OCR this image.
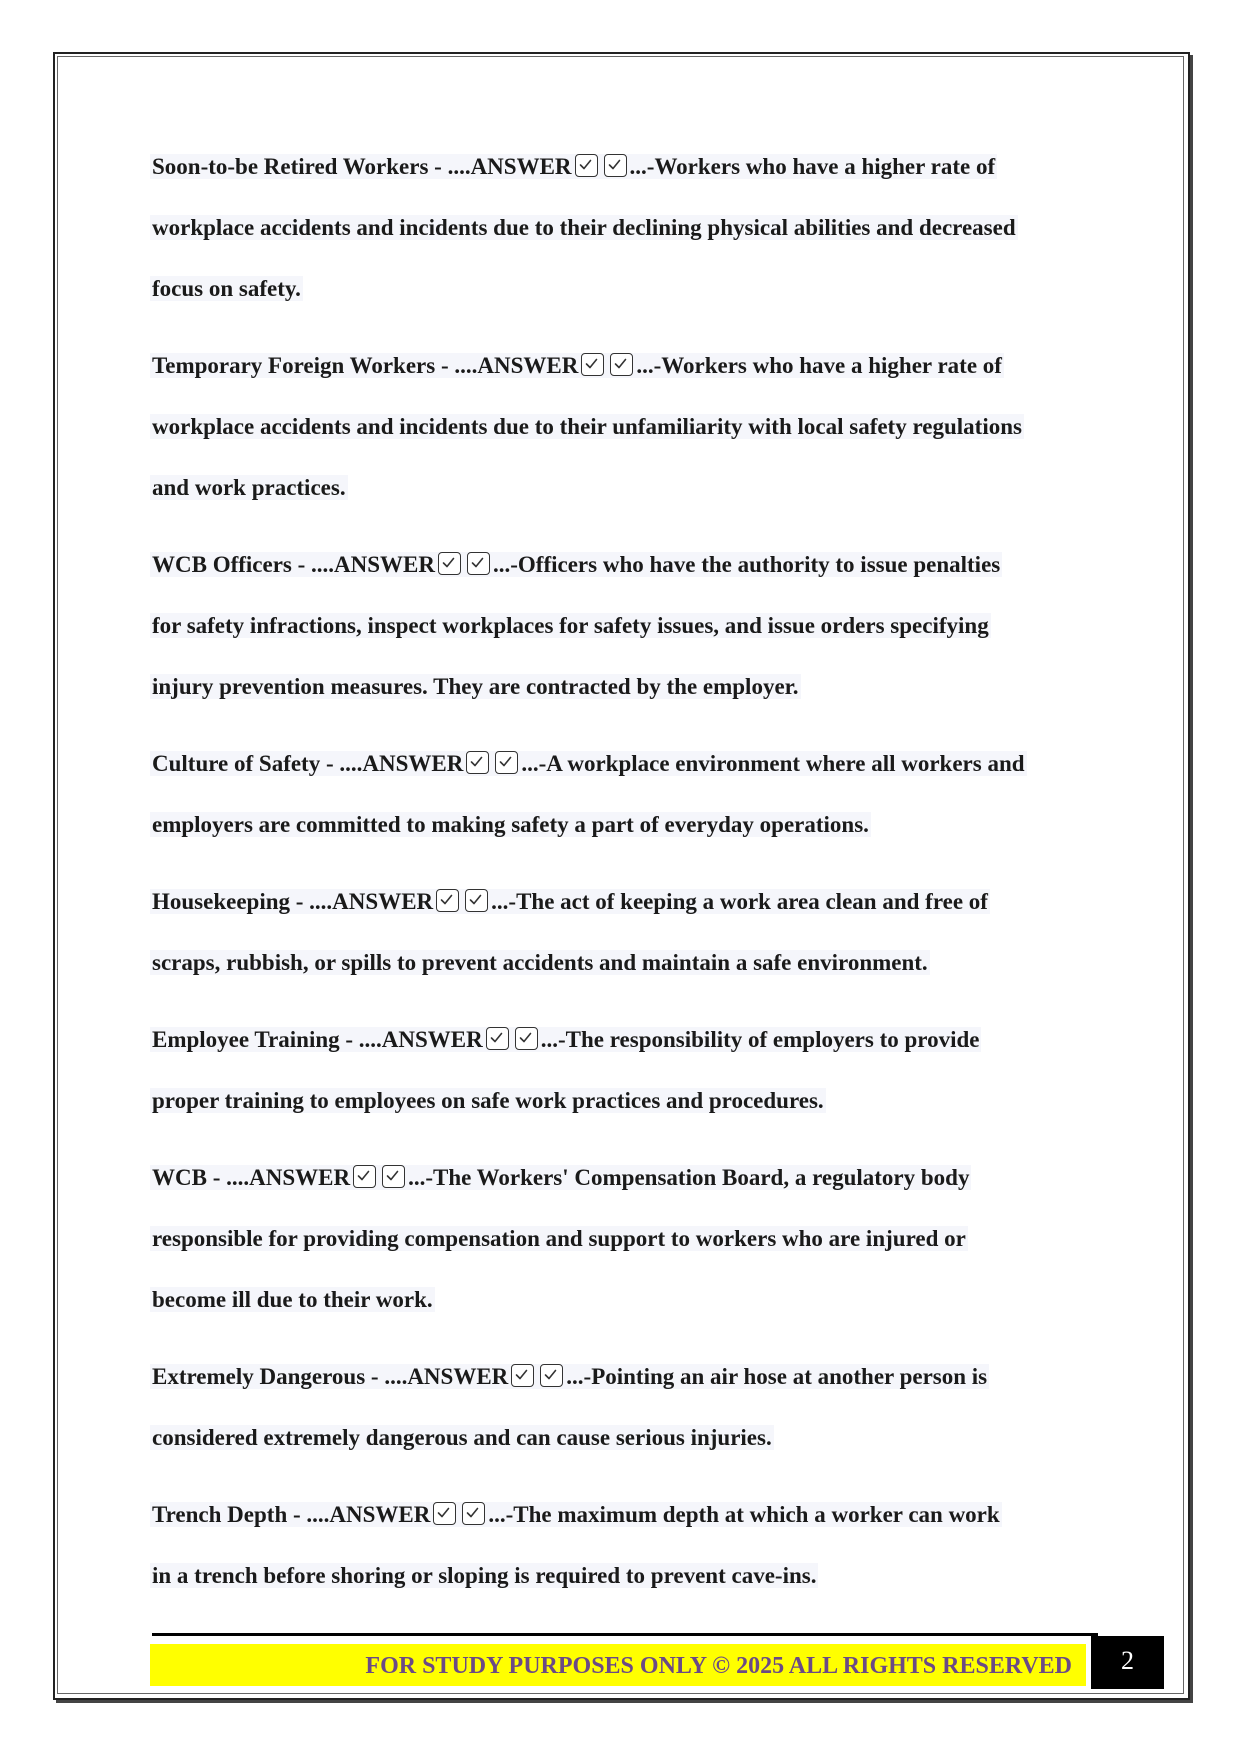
Soon-to-be Retired Workers - ....ANSWER	...-Workers who have a higher rate of
workplace accidents and incidents due to their declining physical abilities and decreased
focus on safety.
Temporary Foreign Workers - ....ANSWER	...-Workers who have a higher rate of
workplace accidents and incidents due to their unfamiliarity with local safety regulations
and work practices.
WCB Officers - ....ANSWER	...-Officers who have the authority to issue penalties
for safety infractions, inspect workplaces for safety issues, and issue orders specifying
injury prevention measures. They are contracted by the employer.
Culture of Safety - ....ANSWER	...-A workplace environment where all workers and
employers are committed to making safety a part of everyday operations.
Housekeeping - ....ANSWER	...-The act of keeping a work area clean and free of
scraps, rubbish, or spills to prevent accidents and maintain a safe environment.
Employee Training - ....ANSWER	...-The responsibility of employers to provide
proper training to employees on safe work practices and procedures.
WCB - ....ANSWER	...-The Workers' Compensation Board, a regulatory body
responsible for providing compensation and support to workers who are injured or
become ill due to their work.
Extremely Dangerous - ....ANSWER	...-Pointing an air hose at another person is
considered extremely dangerous and can cause serious injuries.
Trench Depth - ....ANSWER	...-The maximum depth at which a worker can work
in a trench before shoring or sloping is required to prevent cave-ins.
FOR STUDY PURPOSES ONLY © 2025 ALL RIGHTS RESERVED	2
